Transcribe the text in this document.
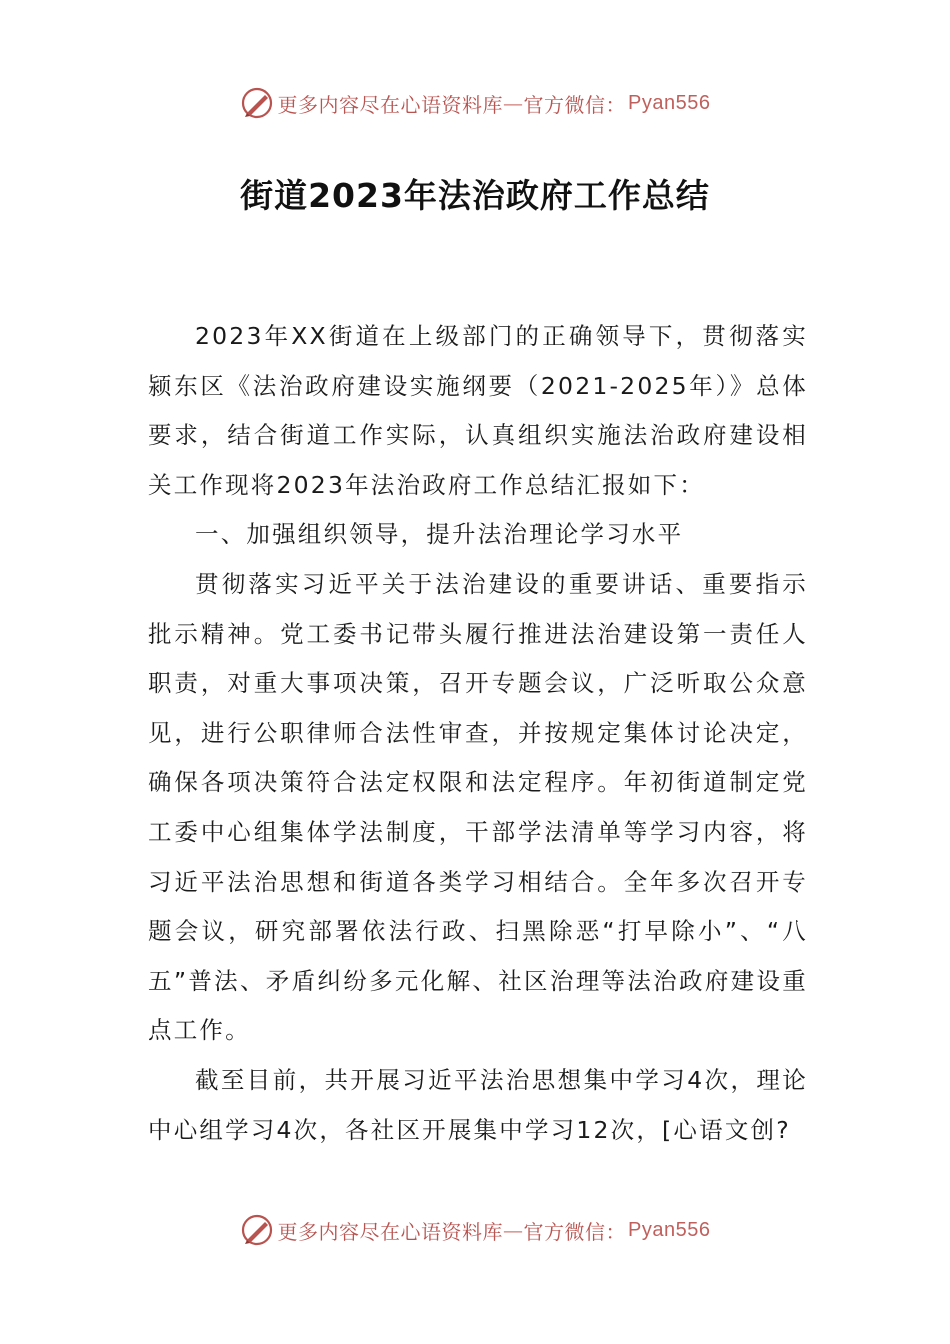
更多内容尽在心语资料库 — 官方微信： Pyan556
街道2023年法治政府工作总结

2023年XX街道在上级部门的正确领导下，贯彻落实颍东区《法治政府建设实施纲要（2021-2025年）》总体要求，结合街道工作实际，认真组织实施法治政府建设相关工作现将2023年法治政府工作总结汇报如下：

一、加强组织领导，提升法治理论学习水平

贯彻落实习近平关于法治建设的重要讲话、重要指示批示精神。党工委书记带头履行推进法治建设第一责任人职责，对重大事项决策，召开专题会议，广泛听取公众意见，进行公职律师合法性审查，并按规定集体讨论决定，确保各项决策符合法定权限和法定程序。年初街道制定党工委中心组集体学法制度，干部学法清单等学习内容，将习近平法治思想和街道各类学习相结合。全年多次召开专题会议，研究部署依法行政、扫黑除恶“打早除小”、“八五”普法、矛盾纠纷多元化解、社区治理等法治政府建设重点工作。

截至目前，共开展习近平法治思想集中学习4次，理论中心组学习4次，各社区开展集中学习12次，[心语文创?

更多内容尽在心语资料库 — 官方微信： Pyan556
